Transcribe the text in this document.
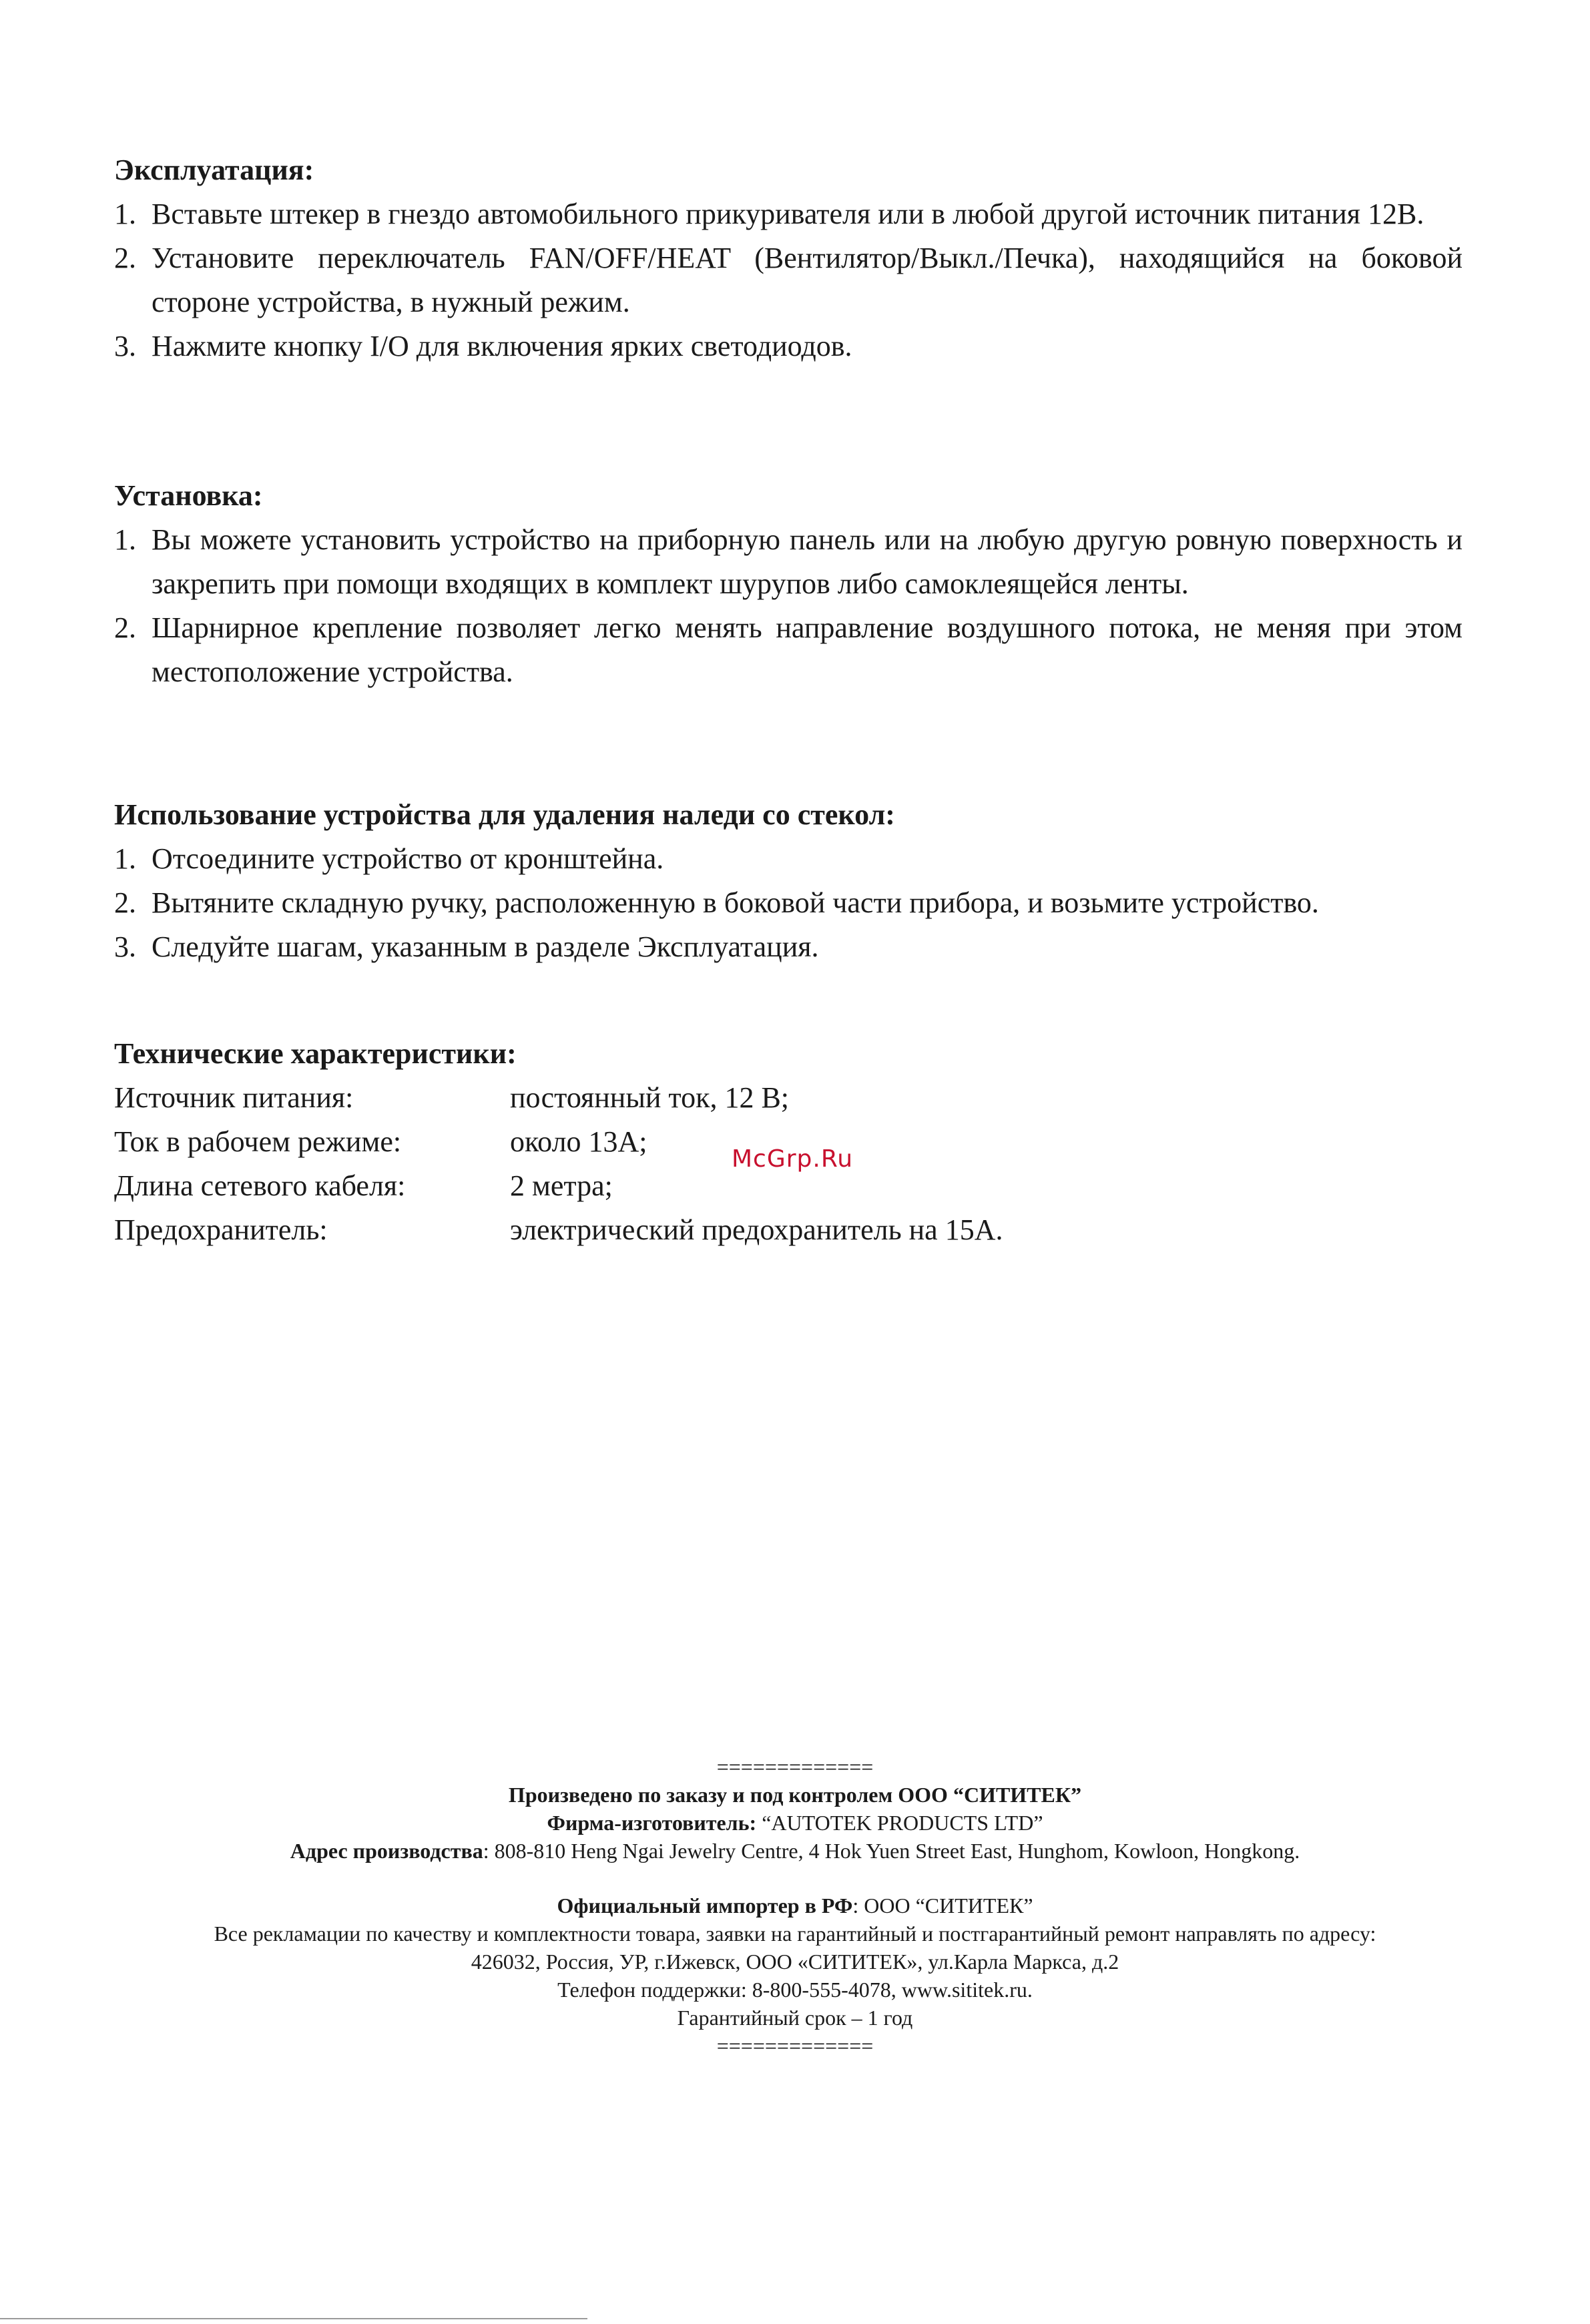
Эксплуатация:
1. Вставьте штекер в гнездо автомобильного прикуривателя или в любой другой источник питания 12В.
2. Установите переключатель FAN/OFF/HEAT (Вентилятор/Выкл./Печка), находящийся на боковой стороне устройства, в нужный режим.
3. Нажмите кнопку I/O для включения ярких светодиодов.
Установка:
1. Вы можете установить устройство на приборную панель или на любую другую ровную поверхность и закрепить при помощи входящих в комплект шурупов либо самоклеящейся ленты.
2. Шарнирное крепление позволяет легко менять направление воздушного потока, не меняя при этом местоположение устройства.
Использование устройства для удаления наледи со стекол:
1. Отсоедините устройство от кронштейна.
2. Вытяните складную ручку, расположенную в боковой части прибора, и возьмите устройство.
3. Следуйте шагам, указанным в разделе Эксплуатация.
Технические характеристики:
Источник питания:	постоянный ток, 12 В;
Ток в рабочем режиме:	около 13А;
Длина сетевого кабеля:	2 метра;
Предохранитель:	электрический предохранитель на 15А.
McGrp.Ru
=============
Произведено по заказу и под контролем ООО “СИТИТЕК”
Фирма-изготовитель: “AUTOTEK PRODUCTS LTD”
Адрес производства: 808-810 Heng Ngai Jewelry Centre, 4 Hok Yuen Street East, Hunghom, Kowloon, Hongkong.
Официальный импортер в РФ: ООО “СИТИТЕК”
Все рекламации по качеству и комплектности товара, заявки на гарантийный и постгарантийный ремонт направлять по адресу:
426032, Россия, УР, г.Ижевск, ООО «СИТИТЕК», ул.Карла Маркса, д.2
Телефон поддержки: 8-800-555-4078, www.sititek.ru.
Гарантийный срок – 1 год
=============
